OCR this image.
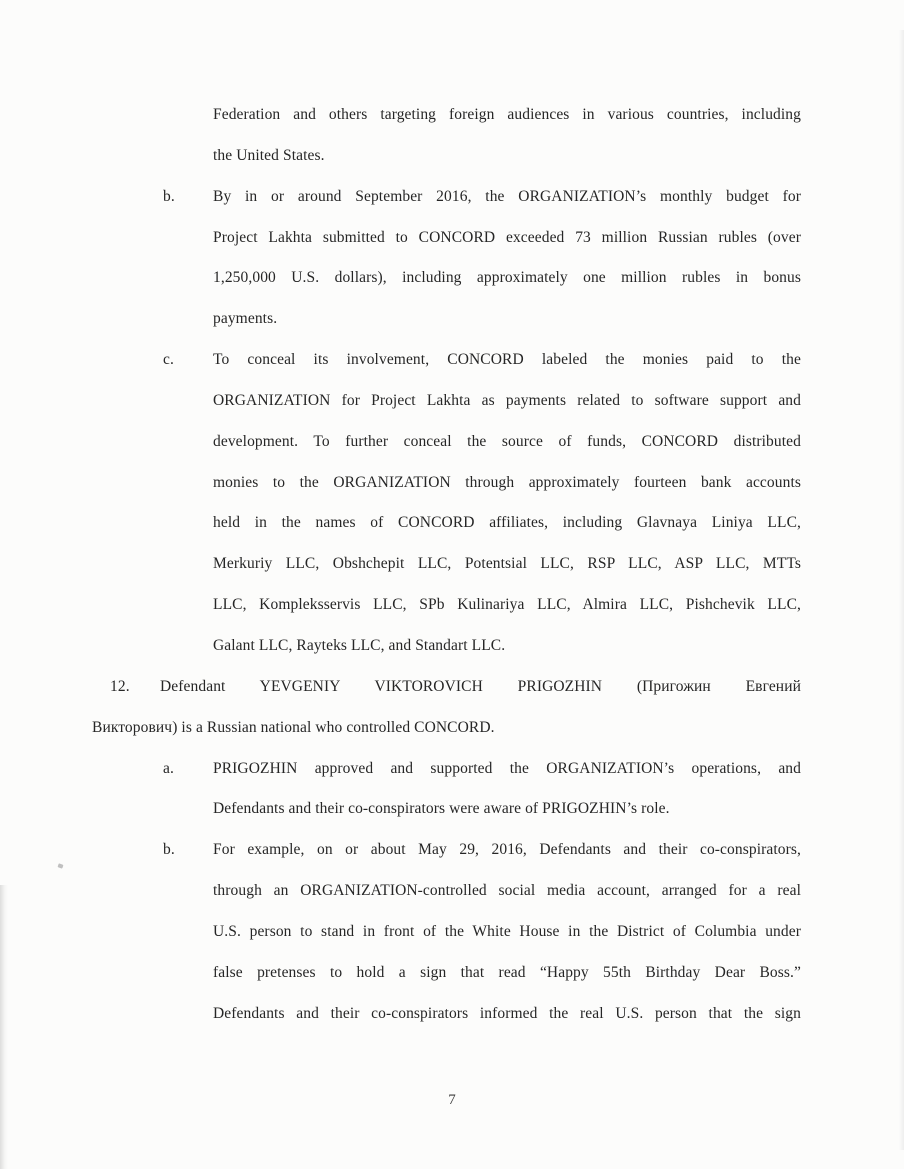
Federation and others targeting foreign audiences in various countries, including
the United States.
b. By in or around September 2016, the ORGANIZATION’s monthly budget for
Project Lakhta submitted to CONCORD exceeded 73 million Russian rubles (over
1,250,000 U.S. dollars), including approximately one million rubles in bonus
payments.
c.	To conceal its involvement, CONCORD labeled the monies paid to the
ORGANIZATION for Project Lakhta as payments related to software support and
development. To further conceal the source of funds, CONCORD distributed
monies to the ORGANIZATION through approximately fourteen bank accounts
held in the names of CONCORD affiliates, including Glavnaya Liniya LLC,
Merkuriy LLC, Obshchepit LLC, Potentsial LLC, RSP LLC, ASP LLC, MTTs
LLC, Kompleksservis LLC, SPb Kulinariya LLC, Almira LLC, Pishchevik LLC,
Galant LLC, Rayteks LLC, and Standart LLC.
12. Defendant YEVGENIY VIKTOROVICH PRIGOZHIN (Пригожин Евгений
Викторович) is a Russian national who controlled CONCORD.
a.	PRIGOZHIN approved and supported the ORGANIZATION’s operations, and
Defendants and their co-conspirators were aware of PRIGOZHIN’s role.
b. For example, on or about May 29, 2016, Defendants and their co-conspirators,
through an ORGANIZATION-controlled social media account, arranged for a real
U.S. person to stand in front of the White House in the District of Columbia under
false pretenses to hold a sign that read “Happy 55th Birthday Dear Boss.”
Defendants and their co-conspirators informed the real U.S. person that the sign
7
